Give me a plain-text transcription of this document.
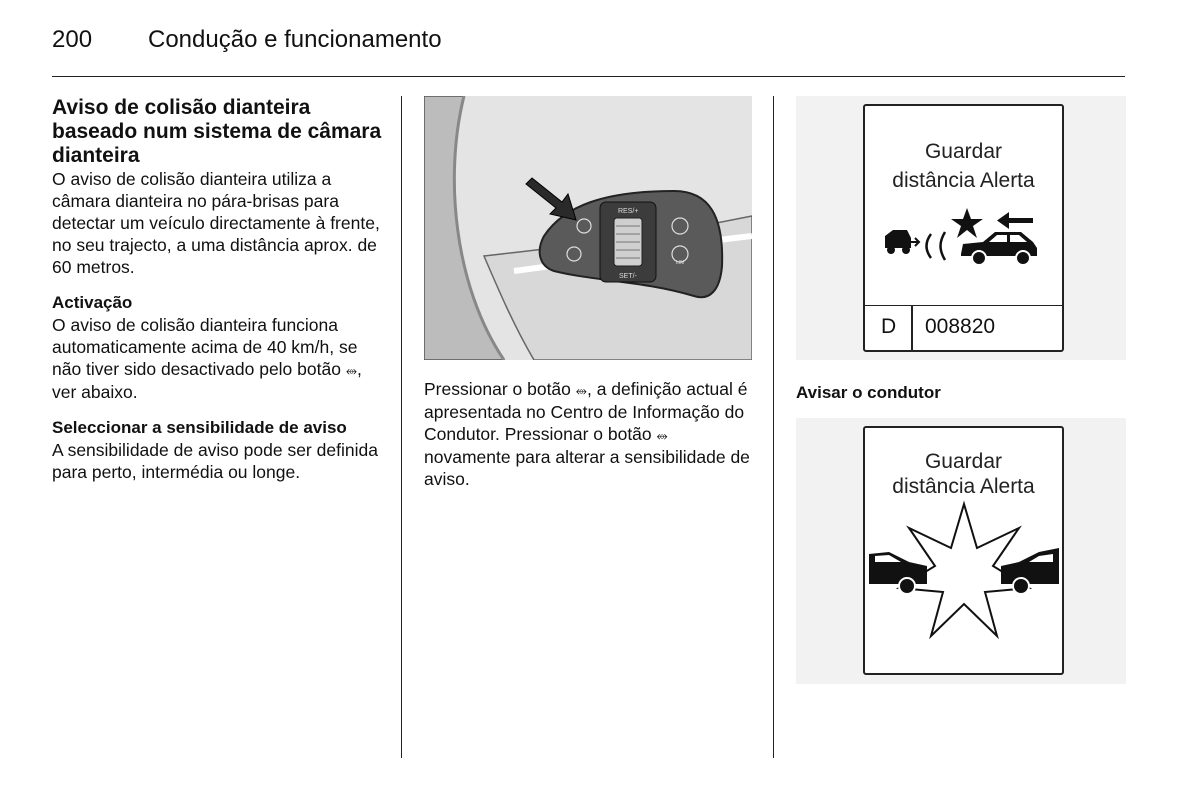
200 Condução e funcionamento
Aviso de colisão dianteira baseado num sistema de câmara dianteira

O aviso de colisão dianteira utiliza a câmara dianteira no pára-brisas para detectar um veículo directamente à frente, no seu trajecto, a uma distância aprox. de 60 metros.

Activação

O aviso de colisão dianteira funciona automaticamente acima de 40 km/h, se não tiver sido desactivado pelo botão ⥈, ver abaixo.

Seleccionar a sensibilidade de aviso

A sensibilidade de aviso pode ser definida para perto, intermédia ou longe.

RES/+
SET/-
LIM

Pressionar o botão ⥈, a definição actual é apresentada no Centro de Informação do Condutor. Pressionar o botão ⥈ novamente para alterar a sensibilidade de aviso.

Guardar
distância Alerta
D 008820
Avisar o condutor
Guardar
distância Alerta
